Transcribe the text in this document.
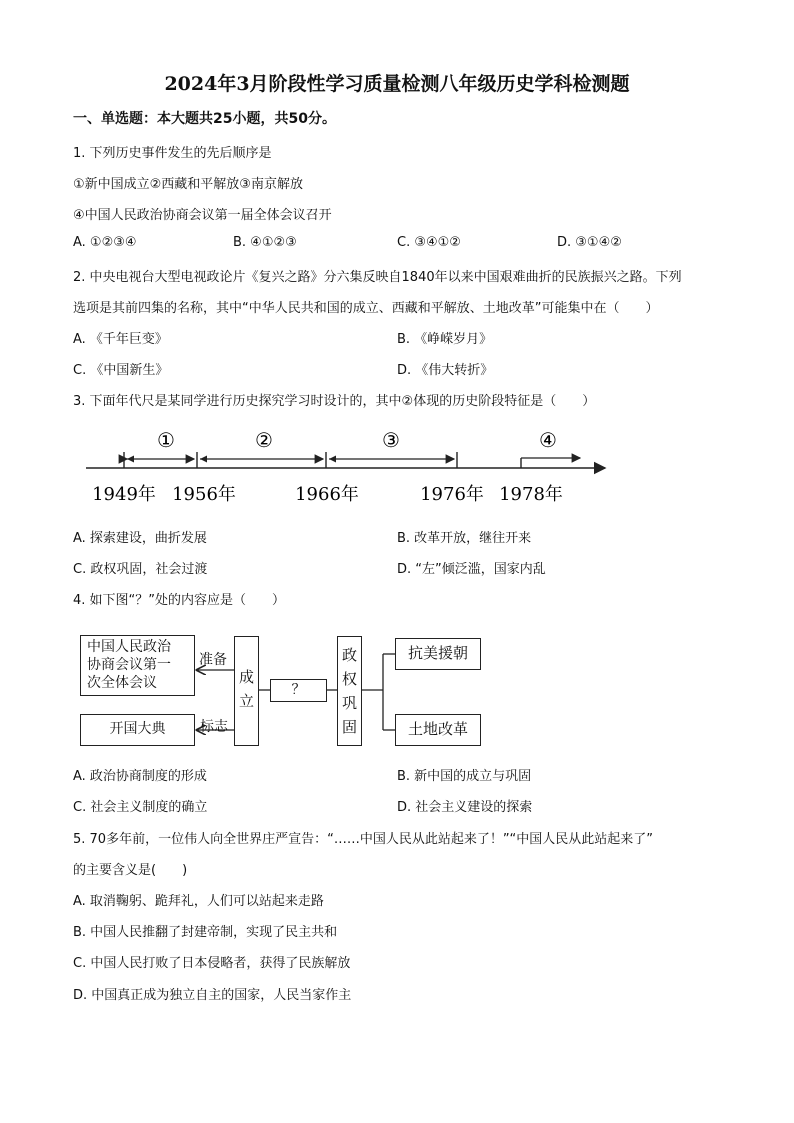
2024年3月阶段性学习质量检测八年级历史学科检测题
一、单选题：本大题共25小题，共50分。
1. 下列历史事件发生的先后顺序是
①新中国成立②西藏和平解放③南京解放
④中国人民政治协商会议第一届全体会议召开
A. ①②③④	B. ④①②③	C. ③④①②	D. ③①④②
2. 中央电视台大型电视政论片《复兴之路》分六集反映自1840年以来中国艰难曲折的民族振兴之路。下列
选项是其前四集的名称，其中“中华人民共和国的成立、西藏和平解放、土地改革”可能集中在（　　）
A. 《千年巨变》	B. 《峥嵘岁月》
C. 《中国新生》	D. 《伟大转折》
3. 下面年代尺是某同学进行历史探究学习时设计的，其中②体现的历史阶段特征是（　　）
①	②	③	④
1949年 1956年	1966年	1976年 1978年
A. 探索建设，曲折发展	B. 改革开放，继往开来
C. 政权巩固，社会过渡	D. “左”倾泛滥，国家内乱
4. 如下图“？”处的内容应是（　　）
中国人民政治
协商会议第一
次全体会议
开国大典
准备
标志
成
立
？
政
权
巩
固
抗美援朝
土地改革
A. 政治协商制度的形成	B. 新中国的成立与巩固
C. 社会主义制度的确立	D. 社会主义建设的探索
5. 70多年前，一位伟人向全世界庄严宣告：“……中国人民从此站起来了！”“中国人民从此站起来了”
的主要含义是(　　)
A. 取消鞠躬、跪拜礼，人们可以站起来走路
B. 中国人民推翻了封建帝制，实现了民主共和
C. 中国人民打败了日本侵略者，获得了民族解放
D. 中国真正成为独立自主的国家，人民当家作主
